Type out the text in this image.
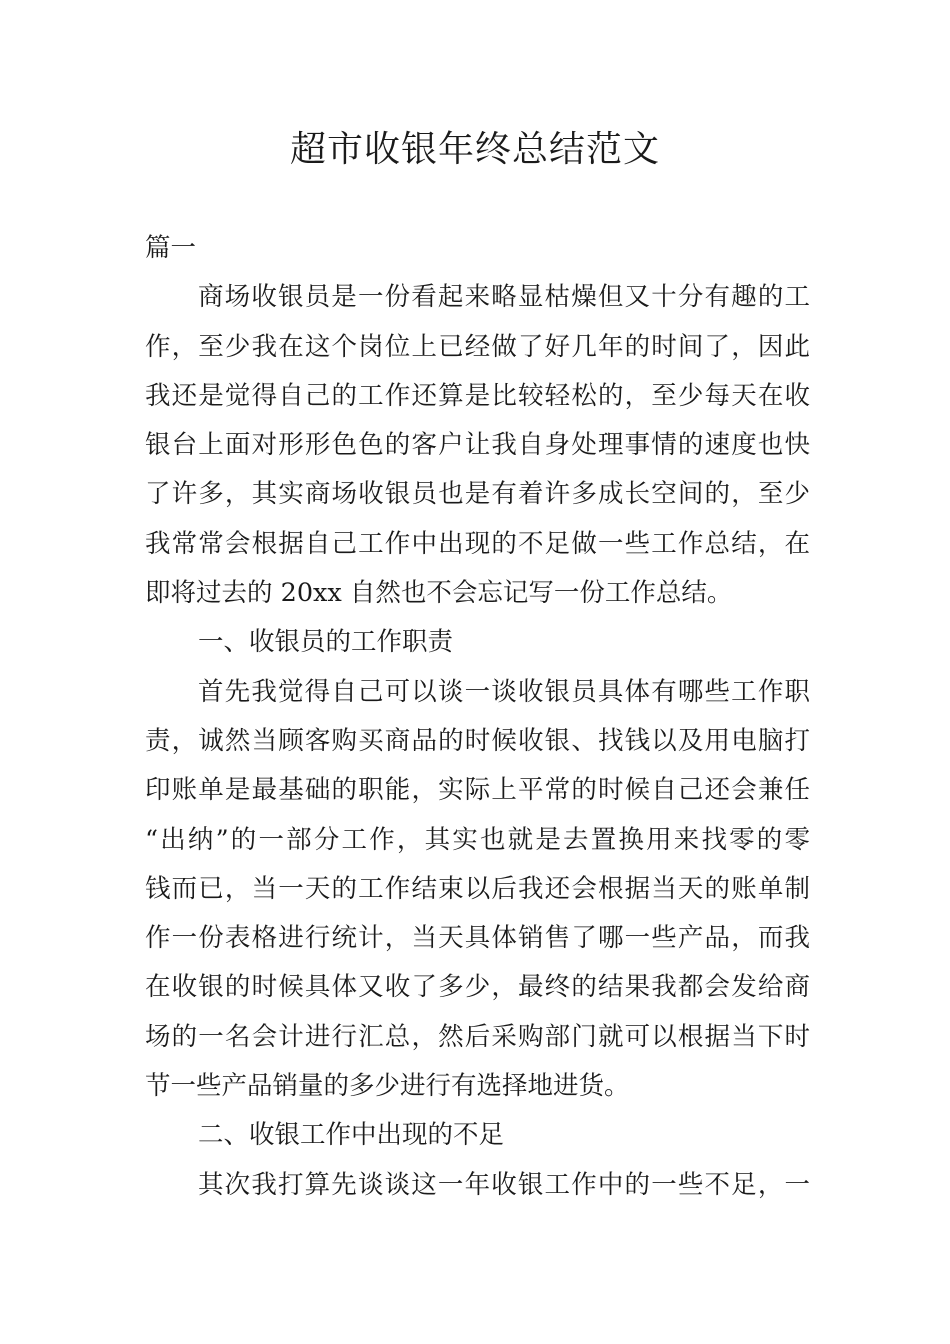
超市收银年终总结范文
篇一
商场收银员是一份看起来略显枯燥但又十分有趣的工
作，至少我在这个岗位上已经做了好几年的时间了，因此
我还是觉得自己的工作还算是比较轻松的，至少每天在收
银台上面对形形色色的客户让我自身处理事情的速度也快
了许多，其实商场收银员也是有着许多成长空间的，至少
我常常会根据自己工作中出现的不足做一些工作总结，在
即将过去的 20xx 自然也不会忘记写一份工作总结。
一、收银员的工作职责
首先我觉得自己可以谈一谈收银员具体有哪些工作职
责，诚然当顾客购买商品的时候收银、找钱以及用电脑打
印账单是最基础的职能，实际上平常的时候自己还会兼任
“出纳”的一部分工作，其实也就是去置换用来找零的零
钱而已，当一天的工作结束以后我还会根据当天的账单制
作一份表格进行统计，当天具体销售了哪一些产品，而我
在收银的时候具体又收了多少，最终的结果我都会发给商
场的一名会计进行汇总，然后采购部门就可以根据当下时
节一些产品销量的多少进行有选择地进货。
二、收银工作中出现的不足
其次我打算先谈谈这一年收银工作中的一些不足，一
